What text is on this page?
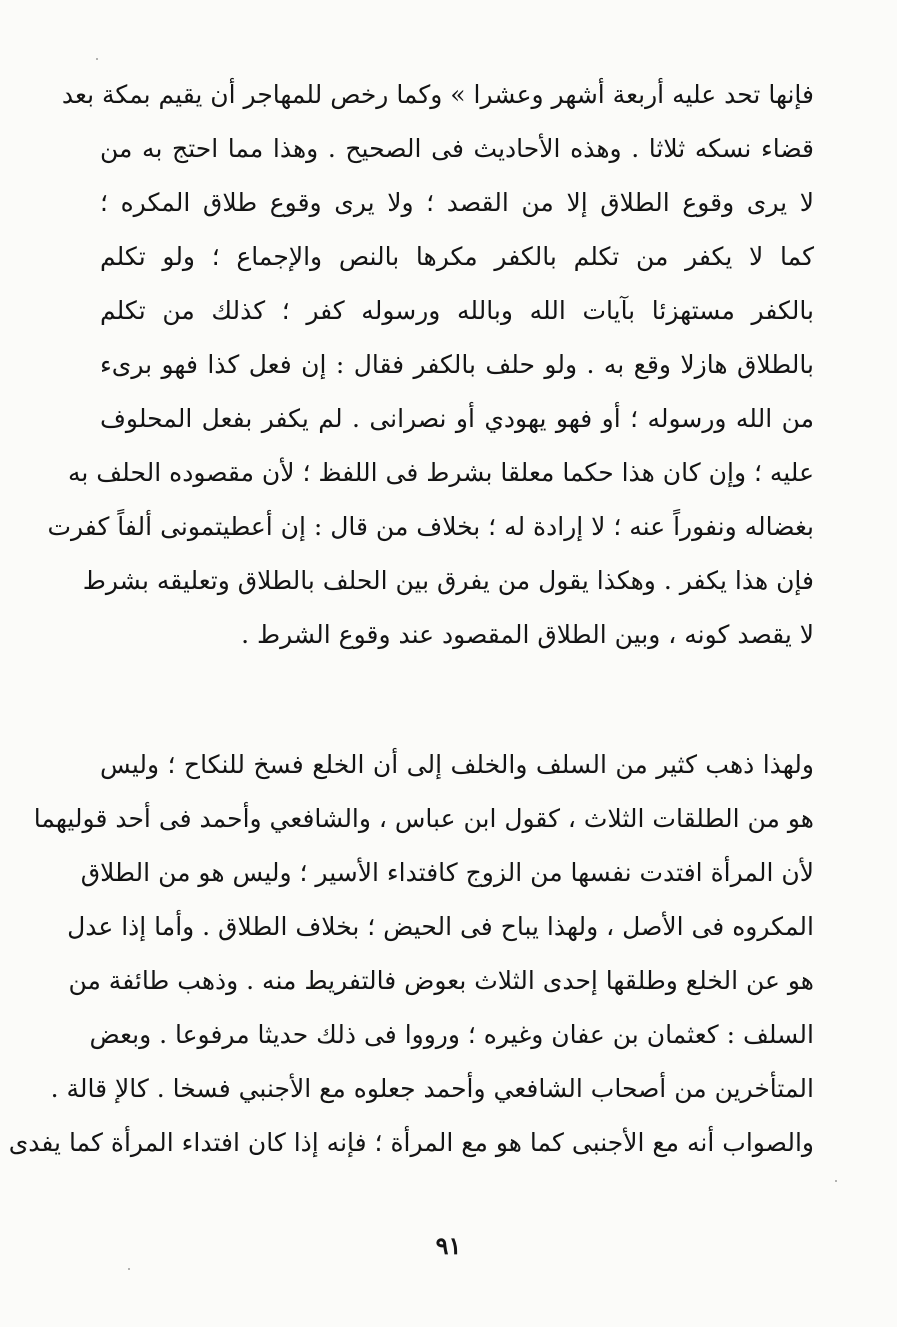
فإنها تحد عليه أربعة أشهر وعشرا » وكما رخص للمهاجر أن يقيم بمكة بعد
قضاء نسكه ثلاثا . وهذه الأحاديث فى الصحيح . وهذا مما احتج به من
لا يرى وقوع الطلاق إلا من القصد ؛ ولا يرى وقوع طلاق المكره ؛
كما لا يكفر من تكلم بالكفر مكرها بالنص والإجماع ؛ ولو تكلم
بالكفر مستهزئا بآيات الله وبالله ورسوله كفر ؛ كذلك من تكلم
بالطلاق هازلا وقع به . ولو حلف بالكفر فقال : إن فعل كذا فهو برىء
من الله ورسوله ؛ أو فهو يهودي أو نصرانى . لم يكفر بفعل المحلوف
عليه ؛ وإن كان هذا حكما معلقا بشرط فى اللفظ ؛ لأن مقصوده الحلف به
بغضاله ونفوراً عنه ؛ لا إرادة له ؛ بخلاف من قال : إن أعطيتمونى ألفاً كفرت
فإن هذا يكفر . وهكذا يقول من يفرق بين الحلف بالطلاق وتعليقه بشرط
لا يقصد كونه ، وبين الطلاق المقصود عند وقوع الشرط .
ولهذا ذهب كثير من السلف والخلف إلى أن الخلع فسخ للنكاح ؛ وليس
هو من الطلقات الثلاث ، كقول ابن عباس ، والشافعي وأحمد فى أحد قوليهما
لأن المرأة افتدت نفسها من الزوج كافتداء الأسير ؛ وليس هو من الطلاق
المكروه فى الأصل ، ولهذا يباح فى الحيض ؛ بخلاف الطلاق . وأما إذا عدل
هو عن الخلع وطلقها إحدى الثلاث بعوض فالتفريط منه . وذهب طائفة من
السلف : كعثمان بن عفان وغيره ؛ ورووا فى ذلك حديثا مرفوعا . وبعض
المتأخرين من أصحاب الشافعي وأحمد جعلوه مع الأجنبي فسخا . كالإ قالة .
والصواب أنه مع الأجنبى كما هو مع المرأة ؛ فإنه إذا كان افتداء المرأة كما يفدى
٩١
